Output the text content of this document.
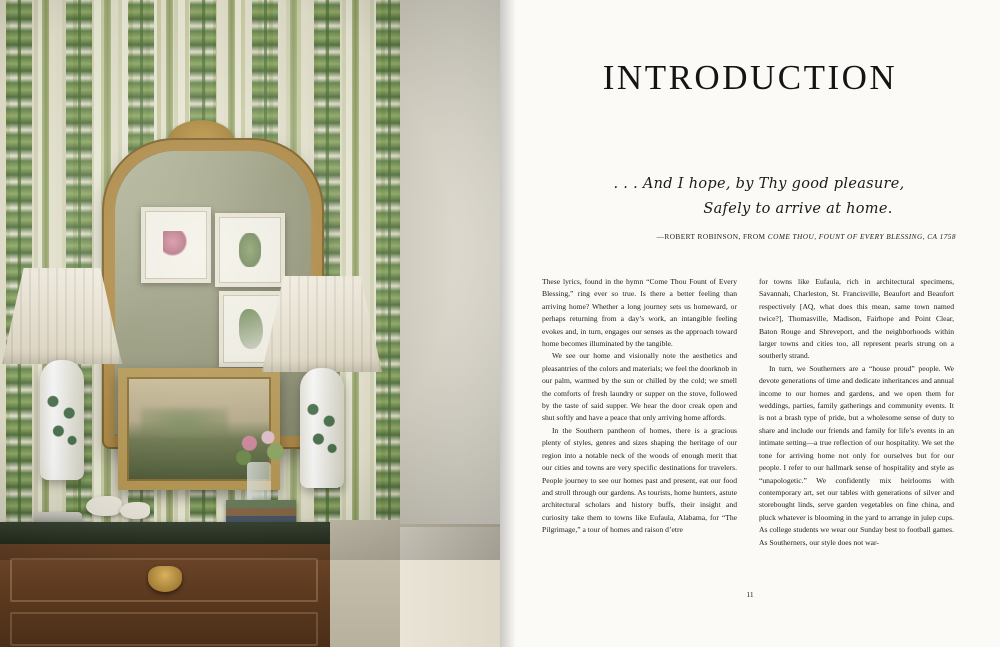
INTRODUCTION
. . . And I hope, by Thy good pleasure,
Safely to arrive at home.
—ROBERT ROBINSON, FROM COME THOU, FOUNT OF EVERY BLESSING, CA 1758

These lyrics, found in the hymn “Come Thou Fount of Every Blessing,” ring ever so true. Is there a better feeling than arriving home? Whether a long journey sets us homeward, or perhaps returning from a day’s work, an intangible feeling evokes and, in turn, engages our senses as the approach toward home becomes illuminated by the tangible.

We see our home and visionally note the aesthetics and pleasantries of the colors and materials; we feel the doorknob in our palm, warmed by the sun or chilled by the cold; we smell the comforts of fresh laundry or supper on the stove, followed by the taste of said supper. We hear the door creak open and shut softly and have a peace that only arriving home affords.

In the Southern pantheon of homes, there is a gracious plenty of styles, genres and sizes shaping the heritage of our region into a notable neck of the woods of enough merit that our cities and towns are very specific destinations for travelers. People journey to see our homes past and present, eat our food and stroll through our gardens. As tourists, home hunters, astute architectural scholars and history buffs, their insight and curiosity take them to towns like Eufaula, Alabama, for “The Pilgrimage,” a tour of homes and raison d’etre

for towns like Eufaula, rich in architectural specimens, Savannah, Charleston, St. Francisville, Beaufort and Beaufort respectively [AQ, what does this mean, same town named twice?], Thomasville, Madison, Fairhope and Point Clear, Baton Rouge and Shreveport, and the neighborhoods within larger towns and cities too, all represent pearls strung on a southerly strand.

In turn, we Southerners are a “house proud” people. We devote generations of time and dedicate inheritances and annual income to our homes and gardens, and we open them for weddings, parties, family gatherings and community events. It is not a brash type of pride, but a wholesome sense of duty to share and include our friends and family for life’s events in an intimate setting—a true reflection of our hospitality. We set the tone for arriving home not only for ourselves but for our people. I refer to our hallmark sense of hospitality and style as “unapologetic.” We confidently mix heirlooms with contemporary art, set our tables with generations of silver and storebought linds, serve garden vegetables on fine china, and pluck whatever is blooming in the yard to arrange in julep cups. As college students we wear our Sunday best to football games. As Southerners, our style does not war-

11
